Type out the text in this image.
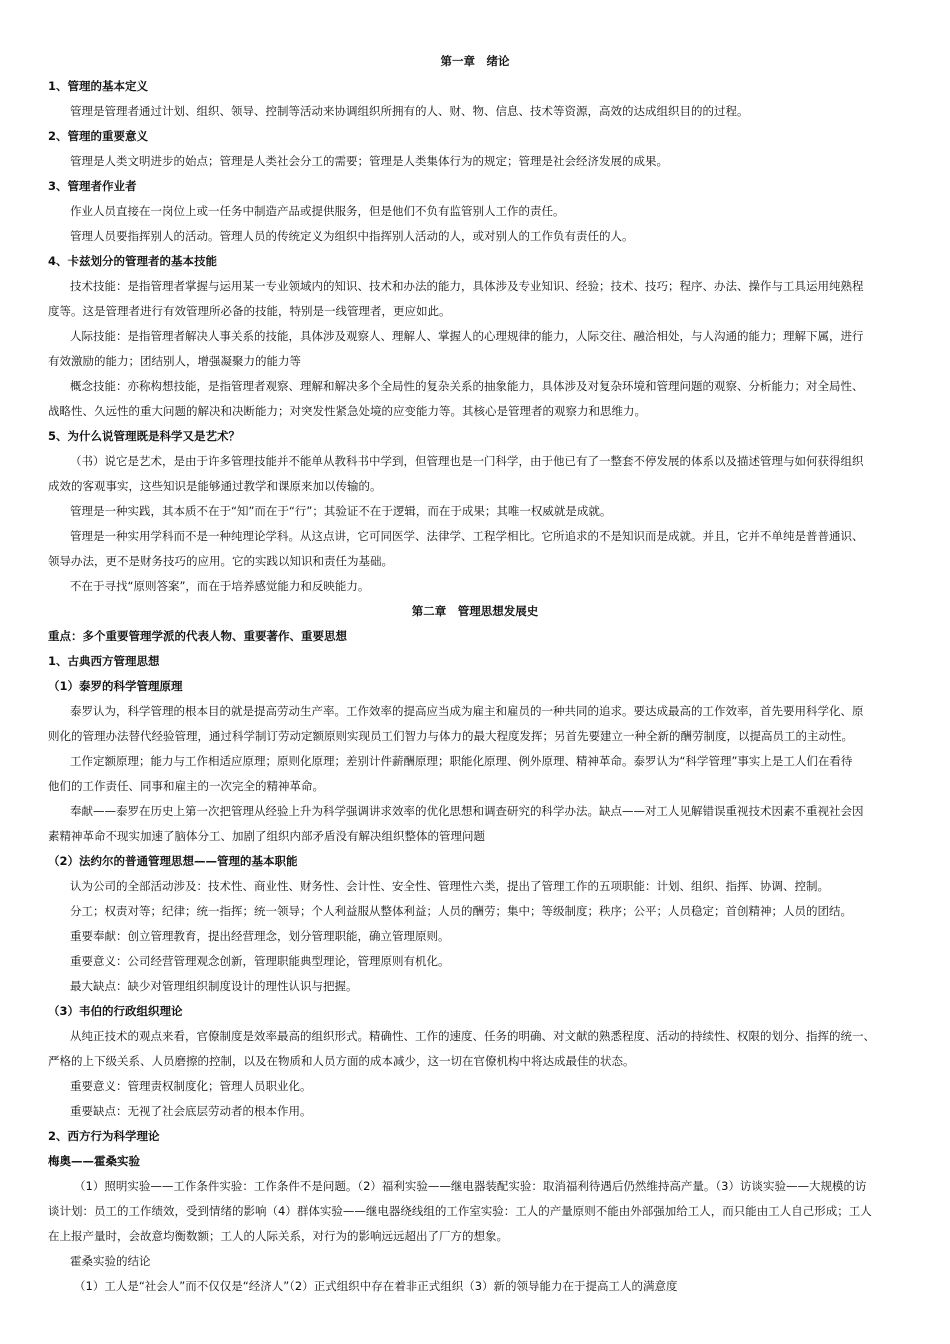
第一章　绪论
1、管理的基本定义
管理是管理者通过计划、组织、领导、控制等活动来协调组织所拥有的人、财、物、信息、技术等资源，高效的达成组织目的的过程。
2、管理的重要意义
管理是人类文明进步的始点；管理是人类社会分工的需要；管理是人类集体行为的规定；管理是社会经济发展的成果。
3、管理者作业者
作业人员直接在一岗位上或一任务中制造产品或提供服务，但是他们不负有监管别人工作的责任。
管理人员要指挥别人的活动。管理人员的传统定义为组织中指挥别人活动的人，或对别人的工作负有责任的人。
4、卡兹划分的管理者的基本技能
技术技能：是指管理者掌握与运用某一专业领域内的知识、技术和办法的能力，具体涉及专业知识、经验；技术、技巧；程序、办法、操作与工具运用纯熟程
度等。这是管理者进行有效管理所必备的技能，特别是一线管理者，更应如此。
人际技能：是指管理者解决人事关系的技能，具体涉及观察人、理解人、掌握人的心理规律的能力，人际交往、融洽相处，与人沟通的能力；理解下属，进行
有效激励的能力；团结别人，增强凝聚力的能力等
概念技能：亦称构想技能，是指管理者观察、理解和解决多个全局性的复杂关系的抽象能力，具体涉及对复杂环境和管理问题的观察、分析能力；对全局性、
战略性、久远性的重大问题的解决和决断能力；对突发性紧急处境的应变能力等。其核心是管理者的观察力和思维力。
5、为什么说管理既是科学又是艺术？
（书）说它是艺术，是由于许多管理技能并不能单从教科书中学到，但管理也是一门科学，由于他已有了一整套不停发展的体系以及描述管理与如何获得组织
成效的客观事实，这些知识是能够通过教学和课原来加以传输的。
管理是一种实践，其本质不在于“知”而在于“行”；其验证不在于逻辑，而在于成果；其唯一权威就是成就。
管理是一种实用学科而不是一种纯理论学科。从这点讲，它可同医学、法律学、工程学相比。它所追求的不是知识而是成就。并且，它并不单纯是普普通识、
领导办法，更不是财务技巧的应用。它的实践以知识和责任为基础。
不在于寻找“原则答案”，而在于培养感觉能力和反映能力。
第二章　管理思想发展史
重点：多个重要管理学派的代表人物、重要著作、重要思想
1、古典西方管理思想
（1）泰罗的科学管理原理
泰罗认为，科学管理的根本目的就是提高劳动生产率。工作效率的提高应当成为雇主和雇员的一种共同的追求。要达成最高的工作效率，首先要用科学化、原
则化的管理办法替代经验管理，通过科学制订劳动定额原则实现员工们智力与体力的最大程度发挥；另首先要建立一种全新的酬劳制度，以提高员工的主动性。
工作定额原理；能力与工作相适应原理；原则化原理；差别计件薪酬原理；职能化原理、例外原理、精神革命。泰罗认为“科学管理”事实上是工人们在看待
他们的工作责任、同事和雇主的一次完全的精神革命。
奉献——泰罗在历史上第一次把管理从经验上升为科学强调讲求效率的优化思想和调查研究的科学办法。缺点——对工人见解错误重视技术因素不重视社会因
素精神革命不现实加速了脑体分工、加剧了组织内部矛盾没有解决组织整体的管理问题
（2）法约尔的普通管理思想——管理的基本职能
认为公司的全部活动涉及：技术性、商业性、财务性、会计性、安全性、管理性六类，提出了管理工作的五项职能：计划、组织、指挥、协调、控制。
分工；权责对等；纪律；统一指挥；统一领导；个人利益服从整体利益；人员的酬劳；集中；等级制度；秩序；公平；人员稳定；首创精神；人员的团结。
重要奉献：创立管理教育，提出经营理念，划分管理职能，确立管理原则。
重要意义：公司经营管理观念创新，管理职能典型理论，管理原则有机化。
最大缺点：缺少对管理组织制度设计的理性认识与把握。
（3）韦伯的行政组织理论
从纯正技术的观点来看，官僚制度是效率最高的组织形式。精确性、工作的速度、任务的明确、对文献的熟悉程度、活动的持续性、权限的划分、指挥的统一、
严格的上下级关系、人员磨擦的控制，以及在物质和人员方面的成本减少，这一切在官僚机构中将达成最佳的状态。
重要意义：管理责权制度化；管理人员职业化。
重要缺点：无视了社会底层劳动者的根本作用。
2、西方行为科学理论
梅奥——霍桑实验
（1）照明实验——工作条件实验：工作条件不是问题。（2）福利实验——继电器装配实验：取消福利待遇后仍然维持高产量。（3）访谈实验——大规模的访
谈计划：员工的工作绩效，受到情绪的影响（4）群体实验——继电器绕线组的工作室实验：工人的产量原则不能由外部强加给工人，而只能由工人自己形成；工人
在上报产量时，会故意均衡数额；工人的人际关系，对行为的影响远远超出了厂方的想象。
霍桑实验的结论
（1）工人是“社会人”而不仅仅是“经济人”（2）正式组织中存在着非正式组织（3）新的领导能力在于提高工人的满意度
